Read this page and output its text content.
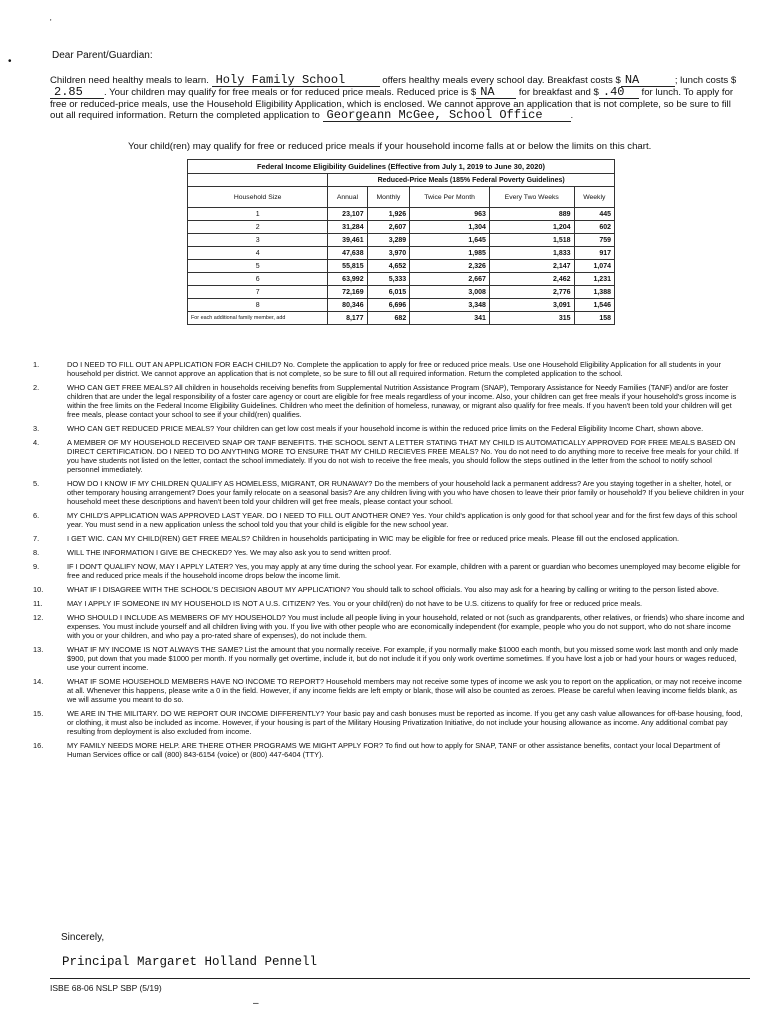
'
•
Dear Parent/Guardian:
Children need healthy meals to learn. Holy Family School	offers healthy meals every school day. Breakfast costs $ NA	; lunch costs $2.85 . Your children may qualify for free meals or for reduced price meals. Reduced price is $ NA	for breakfast and $ .40 for lunch. To apply for free or reduced-price meals, use the Household Eligibility Application, which is enclosed. We cannot approve an application that is not complete, so be sure to fill out all required information. Return the completed application to Georgeann McGee, School Office	.
Your child(ren) may qualify for free or reduced price meals if your household income falls at or below the limits on this chart.
Federal Income Eligibility Guidelines (Effective from July 1, 2019 to June 30, 2020)					
	Reduced-Price Meals (185% Federal Poverty Guidelines)				
Household Size	Annual	Monthly	Twice Per Month	Every Two Weeks	Weekly
1	23,107	1,926	963	889	445
2	31,284	2,607	1,304	1,204	602
3	39,461	3,289	1,645	1,518	759
4	47,638	3,970	1,985	1,833	917
5	55,815	4,652	2,326	2,147	1,074
6	63,992	5,333	2,667	2,462	1,231
7	72,169	6,015	3,008	2,776	1,388
8	80,346	6,696	3,348	3,091	1,546
For each additional family member, add	8,177	682	341	315	158
1.	DO I NEED TO FILL OUT AN APPLICATION FOR EACH CHILD? No. Complete the application to apply for free or reduced price meals. Use one Household Eligibility Application for all students in your household per district. We cannot approve an application that is not complete, so be sure to fill out all required information. Return the completed application to the school.
2.	WHO CAN GET FREE MEALS? All children in households receiving benefits from Supplemental Nutrition Assistance Program (SNAP), Temporary Assistance for Needy Families (TANF) and/or are foster children that are under the legal responsibility of a foster care agency or court are eligible for free meals regardless of your income. Also, your children can get free meals if your household's gross income is within the free limits on the Federal Income Eligibility Guidelines. Children who meet the definition of homeless, runaway, or migrant also qualify for free meals. If you haven't been told your children will get free meals, please contact your school to see if your child(ren) qualifies.
3.	WHO CAN GET REDUCED PRICE MEALS? Your children can get low cost meals if your household income is within the reduced price limits on the Federal Eligibility Income Chart, shown above.
4.	A MEMBER OF MY HOUSEHOLD RECEIVED SNAP OR TANF BENEFITS. THE SCHOOL SENT A LETTER STATING THAT MY CHILD IS AUTOMATICALLY APPROVED FOR FREE MEALS BASED ON DIRECT CERTIFICATION. DO I NEED TO DO ANYTHING MORE TO ENSURE THAT MY CHILD RECIEVES FREE MEALS? No. You do not need to do anything more to receive free meals for your child. If you have students not listed on the letter, contact the school immediately. If you do not wish to receive the free meals, you should follow the steps outlined in the letter from the school to notify school personnel immediately.
5.	HOW DO I KNOW IF MY CHILDREN QUALIFY AS HOMELESS, MIGRANT, OR RUNAWAY? Do the members of your household lack a permanent address? Are you staying together in a shelter, hotel, or other temporary housing arrangement? Does your family relocate on a seasonal basis? Are any children living with you who have chosen to leave their prior family or household? If you believe children in your household meet these descriptions and haven't been told your children will get free meals, please contact your school.
6.	MY CHILD'S APPLICATION WAS APPROVED LAST YEAR. DO I NEED TO FILL OUT ANOTHER ONE? Yes. Your child's application is only good for that school year and for the first few days of this school year. You must send in a new application unless the school told you that your child is eligible for the new school year.
7.	I GET WIC. CAN MY CHILD(REN) GET FREE MEALS? Children in households participating in WIC may be eligible for free or reduced price meals. Please fill out the enclosed application.
8.	WILL THE INFORMATION I GIVE BE CHECKED? Yes. We may also ask you to send written proof.
9.	IF I DON'T QUALIFY NOW, MAY I APPLY LATER? Yes, you may apply at any time during the school year. For example, children with a parent or guardian who becomes unemployed may become eligible for free and reduced price meals if the household income drops below the income limit.
10.	WHAT IF I DISAGREE WITH THE SCHOOL'S DECISION ABOUT MY APPLICATION? You should talk to school officials. You also may ask for a hearing by calling or writing to the person listed above.
11.	MAY I APPLY IF SOMEONE IN MY HOUSEHOLD IS NOT A U.S. CITIZEN? Yes. You or your child(ren) do not have to be U.S. citizens to qualify for free or reduced price meals.
12.	WHO SHOULD I INCLUDE AS MEMBERS OF MY HOUSEHOLD? You must include all people living in your household, related or not (such as grandparents, other relatives, or friends) who share income and expenses. You must include yourself and all children living with you. If you live with other people who are economically independent (for example, people who you do not support, who do not share income with you or your children, and who pay a pro-rated share of expenses), do not include them.
13.	WHAT IF MY INCOME IS NOT ALWAYS THE SAME? List the amount that you normally receive. For example, if you normally make $1000 each month, but you missed some work last month and only made $900, put down that you made $1000 per month. If you normally get overtime, include it, but do not include it if you only work overtime sometimes. If you have lost a job or had your hours or wages reduced, use your current income.
14.	WHAT IF SOME HOUSEHOLD MEMBERS HAVE NO INCOME TO REPORT? Household members may not receive some types of income we ask you to report on the application, or may not receive income at all. Whenever this happens, please write a 0 in the field. However, if any income fields are left empty or blank, those will also be counted as zeroes. Please be careful when leaving income fields blank, as we will assume you meant to do so.
15.	WE ARE IN THE MILITARY. DO WE REPORT OUR INCOME DIFFERENTLY? Your basic pay and cash bonuses must be reported as income. If you get any cash value allowances for off-base housing, food, or clothing, it must also be included as income. However, if your housing is part of the Military Housing Privatization Initiative, do not include your housing allowance as income. Any additional combat pay resulting from deployment is also excluded from income.
16.	MY FAMILY NEEDS MORE HELP. ARE THERE OTHER PROGRAMS WE MIGHT APPLY FOR? To find out how to apply for SNAP, TANF or other assistance benefits, contact your local Department of Human Services office or call (800) 843-6154 (voice) or (800) 447-6404 (TTY).
Sincerely,
Principal Margaret Holland Pennell
ISBE 68-06 NSLP SBP (5/19)
–
